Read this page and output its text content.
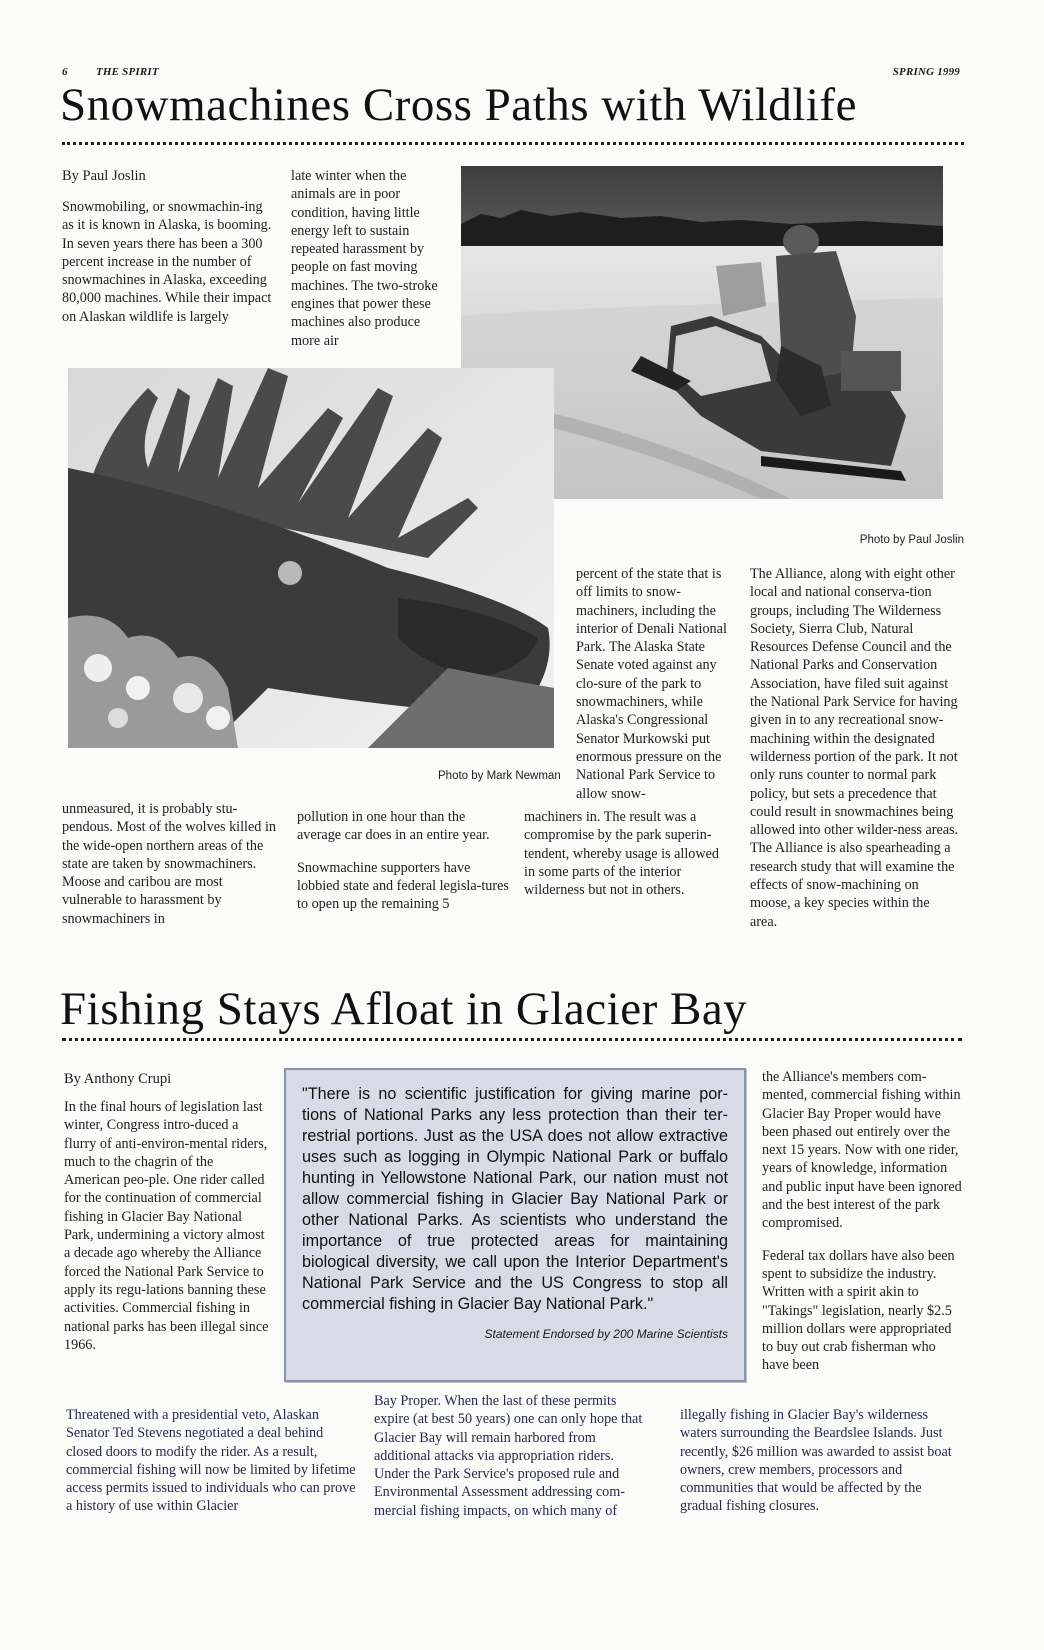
6	THE SPIRIT	SPRING 1999
Snowmachines Cross Paths with Wildlife
By Paul Joslin

Snowmobiling, or snowmachin-ing as it is known in Alaska, is booming. In seven years there has been a 300 percent increase in the number of snowmachines in Alaska, exceeding 80,000 machines. While their impact on Alaskan wildlife is largely

late winter when the animals are in poor condition, having little energy left to sustain repeated harassment by people on fast moving machines. The two-stroke engines that power these machines also produce more air

Photo by Paul Joslin
Photo by Mark Newman

unmeasured, it is probably stu-pendous. Most of the wolves killed in the wide-open northern areas of the state are taken by snowmachiners. Moose and caribou are most vulnerable to harassment by snowmachiners in

pollution in one hour than the average car does in an entire year.

Snowmachine supporters have lobbied state and federal legisla-tures to open up the remaining 5

percent of the state that is off limits to snow-machiners, including the interior of Denali National Park. The Alaska State Senate voted against any clo-sure of the park to snowmachiners, while Alaska's Congressional Senator Murkowski put enormous pressure on the National Park Service to allow snow-

machiners in. The result was a compromise by the park superin-tendent, whereby usage is allowed in some parts of the interior wilderness but not in others.

The Alliance, along with eight other local and national conserva-tion groups, including The Wilderness Society, Sierra Club, Natural Resources Defense Council and the National Parks and Conservation Association, have filed suit against the National Park Service for having given in to any recreational snow-machining within the designated wilderness portion of the park. It not only runs counter to normal park policy, but sets a precedence that could result in snowmachines being allowed into other wilder-ness areas. The Alliance is also spearheading a research study that will examine the effects of snow-machining on moose, a key species within the area.

Fishing Stays Afloat in Glacier Bay
By Anthony Crupi

In the final hours of legislation last winter, Congress intro-duced a flurry of anti-environ-mental riders, much to the chagrin of the American peo-ple. One rider called for the continuation of commercial fishing in Glacier Bay National Park, undermining a victory almost a decade ago whereby the Alliance forced the National Park Service to apply its regu-lations banning these activities. Commercial fishing in national parks has been illegal since 1966.

Threatened with a presidential veto, Alaskan Senator Ted Stevens negotiated a deal behind closed doors to modify the rider. As a result, commercial fishing will now be limited by lifetime access permits issued to individuals who can prove a history of use within Glacier

"There is no scientific justification for giving marine por-tions of National Parks any less protection than their ter-restrial portions. Just as the USA does not allow extractive uses such as logging in Olympic National Park or buffalo hunting in Yellowstone National Park, our nation must not allow commercial fishing in Glacier Bay National Park or other National Parks. As scientists who understand the importance of true protected areas for maintaining biological diversity, we call upon the Interior Department's National Park Service and the US Congress to stop all commercial fishing in Glacier Bay National Park."
Statement Endorsed by 200 Marine Scientists

Bay Proper. When the last of these permits expire (at best 50 years) one can only hope that Glacier Bay will remain harbored from additional attacks via appropriation riders. Under the Park Service's proposed rule and Environmental Assessment addressing com-mercial fishing impacts, on which many of

the Alliance's members com-mented, commercial fishing within Glacier Bay Proper would have been phased out entirely over the next 15 years. Now with one rider, years of knowledge, information and public input have been ignored and the best interest of the park compromised.

Federal tax dollars have also been spent to subsidize the industry. Written with a spirit akin to "Takings" legislation, nearly $2.5 million dollars were appropriated to buy out crab fisherman who have been

illegally fishing in Glacier Bay's wilderness waters surrounding the Beardslee Islands. Just recently, $26 million was awarded to assist boat owners, crew members, processors and communities that would be affected by the gradual fishing closures.
